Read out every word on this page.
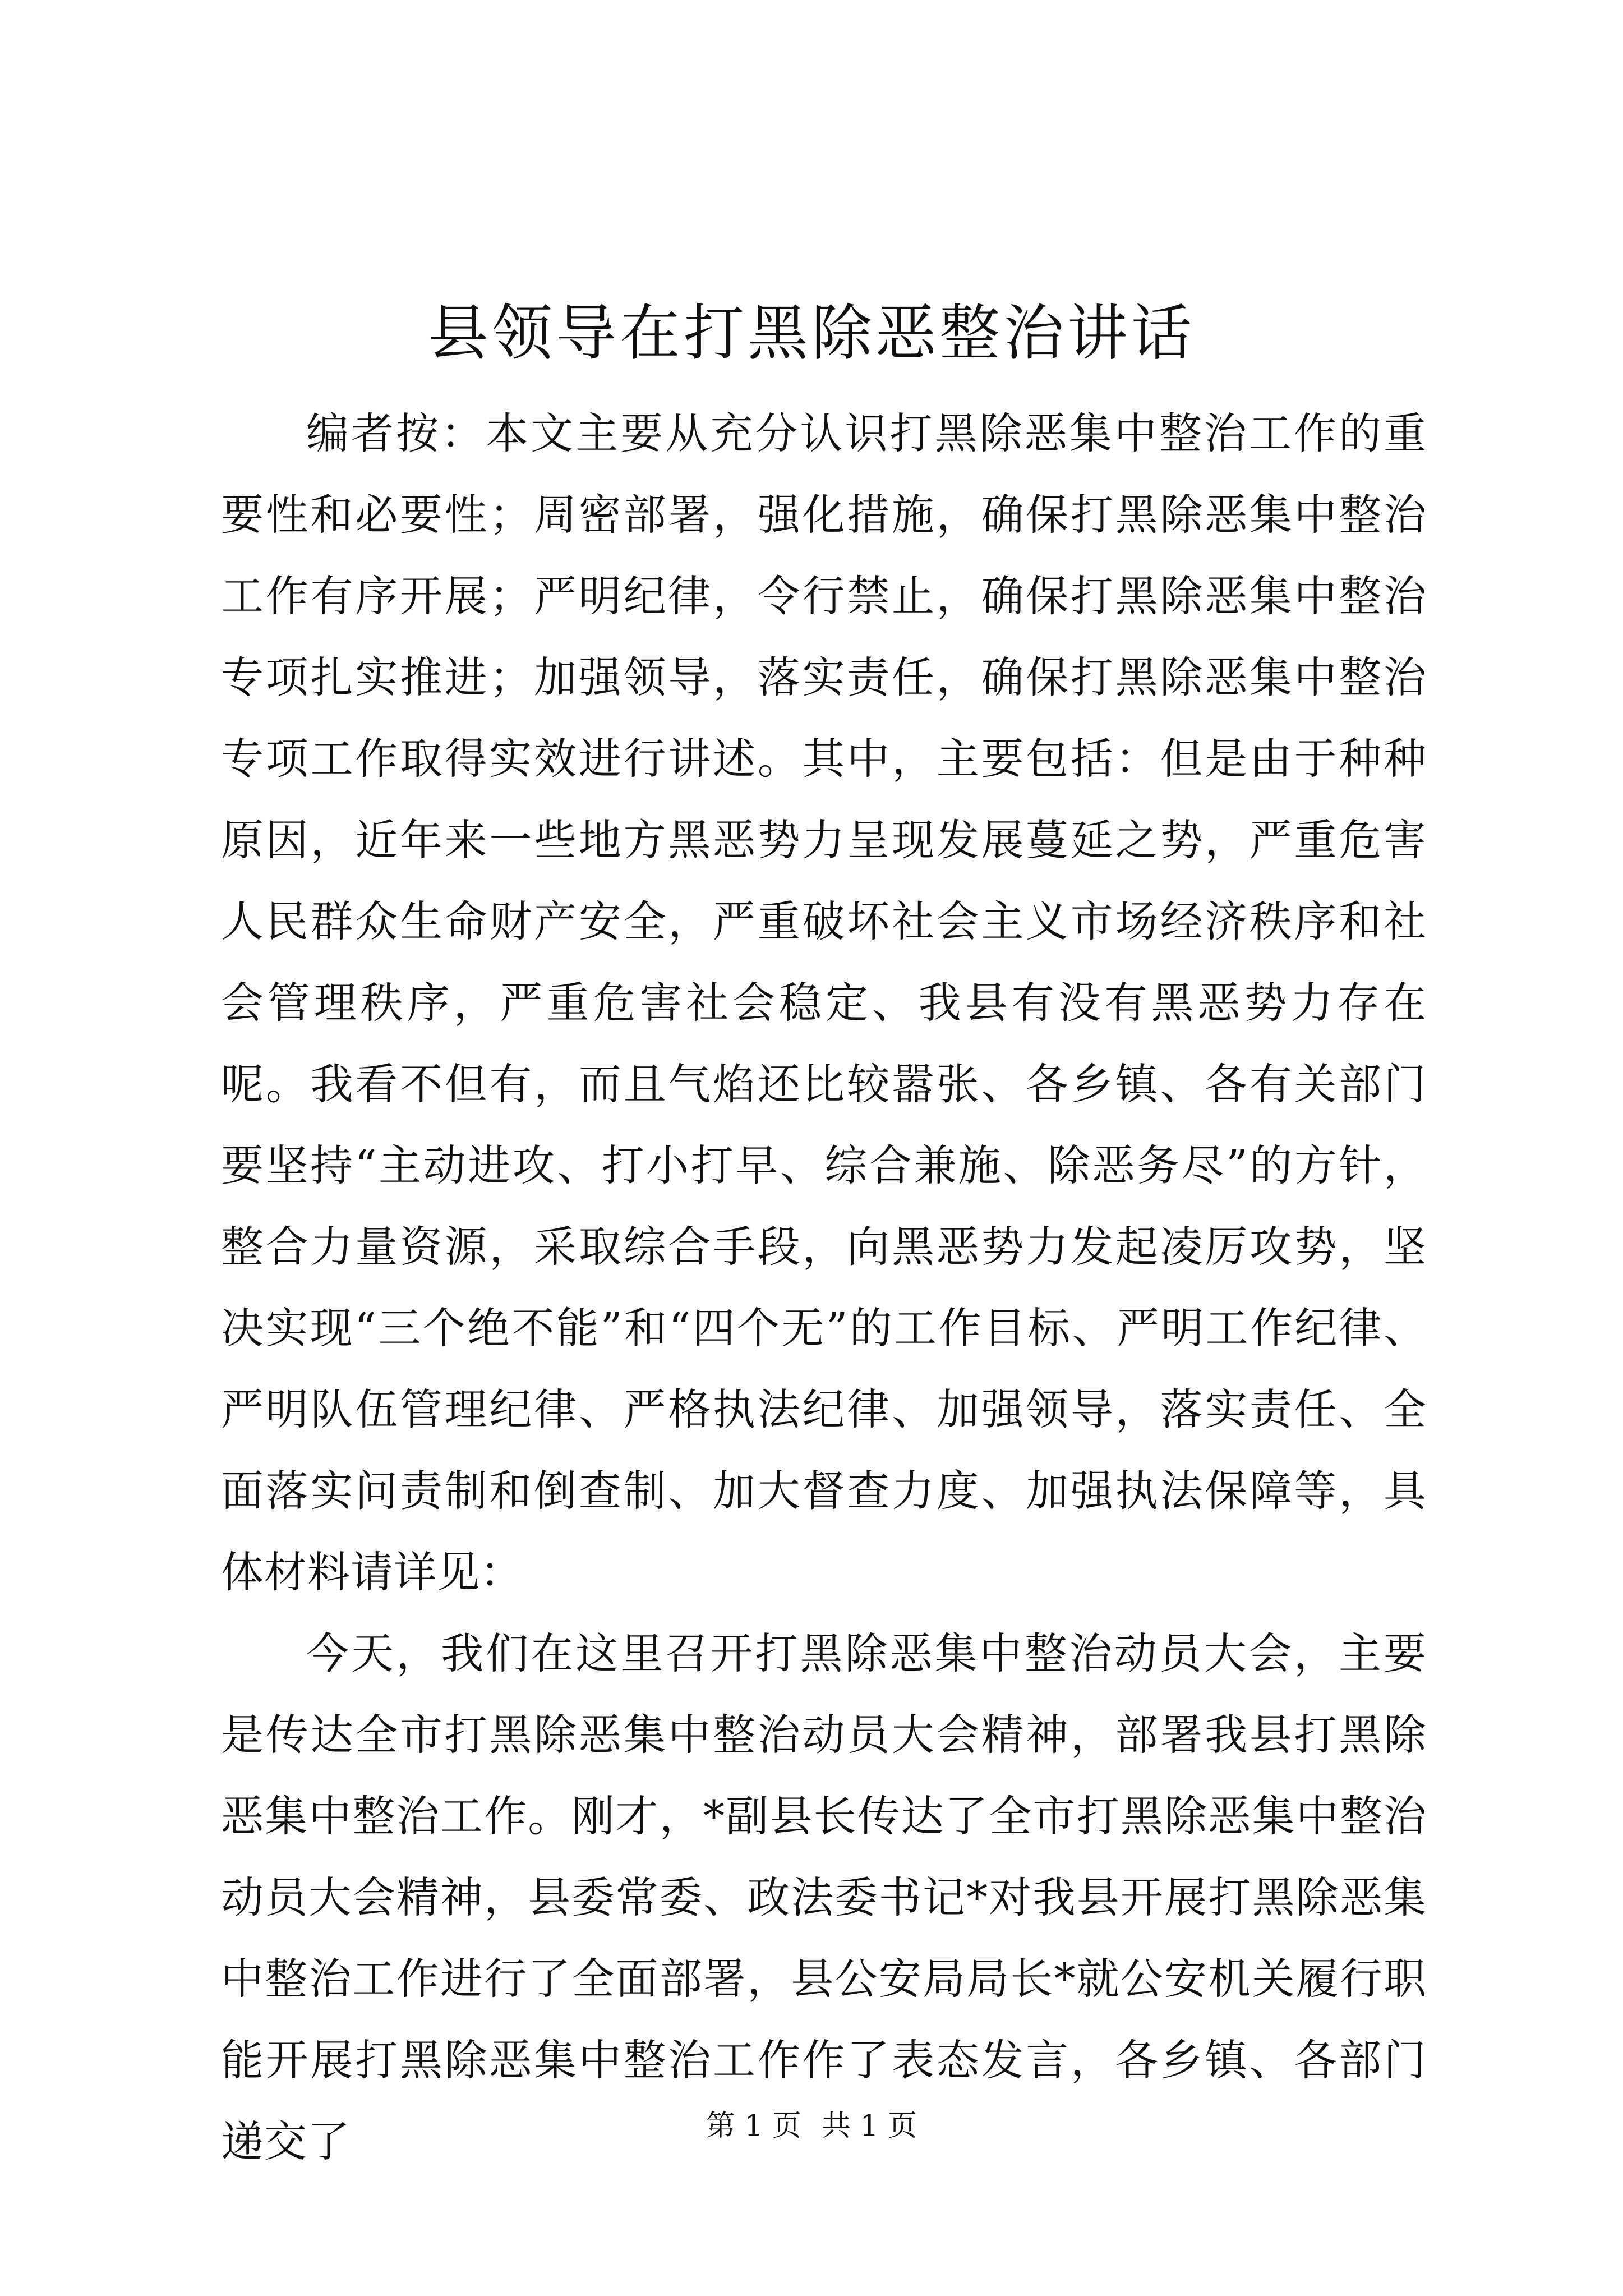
县领导在打黑除恶整治讲话

编者按：本文主要从充分认识打黑除恶集中整治工作的重要性和必要性；周密部署，强化措施，确保打黑除恶集中整治工作有序开展；严明纪律，令行禁止，确保打黑除恶集中整治专项扎实推进；加强领导，落实责任，确保打黑除恶集中整治专项工作取得实效进行讲述。其中，主要包括：但是由于种种原因，近年来一些地方黑恶势力呈现发展蔓延之势，严重危害人民群众生命财产安全，严重破坏社会主义市场经济秩序和社会管理秩序，严重危害社会稳定、我县有没有黑恶势力存在呢。我看不但有，而且气焰还比较嚣张、各乡镇、各有关部门要坚持“主动进攻、打小打早、综合兼施、除恶务尽”的方针，整合力量资源，采取综合手段，向黑恶势力发起凌厉攻势，坚决实现“三个绝不能”和“四个无”的工作目标、严明工作纪律、严明队伍管理纪律、严格执法纪律、加强领导，落实责任、全面落实问责制和倒查制、加大督查力度、加强执法保障等，具体材料请详见：

今天，我们在这里召开打黑除恶集中整治动员大会，主要是传达全市打黑除恶集中整治动员大会精神，部署我县打黑除恶集中整治工作。刚才，*副县长传达了全市打黑除恶集中整治动员大会精神，县委常委、政法委书记*对我县开展打黑除恶集中整治工作进行了全面部署，县公安局局长*就公安机关履行职能开展打黑除恶集中整治工作作了表态发言，各乡镇、各部门递交了	第 1 页 共 1 页
